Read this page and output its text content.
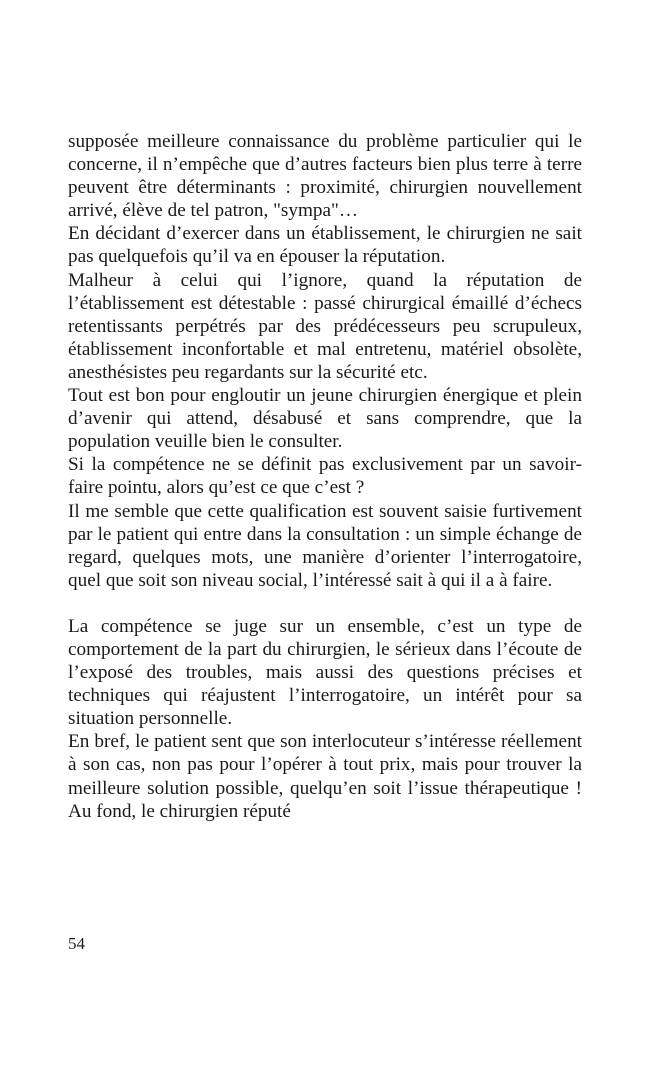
supposée meilleure connaissance du problème particulier qui le concerne, il n’empêche que d’autres facteurs bien plus terre à terre peuvent être déterminants : proximité, chirurgien nouvellement arrivé, élève de tel patron, "sympa"…

En décidant d’exercer dans un établissement, le chirurgien ne sait pas quelquefois qu’il va en épouser la réputation.

Malheur à celui qui l’ignore, quand la réputation de l’établissement est détestable : passé chirurgical émaillé d’échecs retentissants perpétrés par des prédécesseurs peu scrupuleux, établissement inconfortable et mal entretenu, matériel obsolète, anesthésistes peu regardants sur la sécurité etc.

Tout est bon pour engloutir un jeune chirurgien énergique et plein d’avenir qui attend, désabusé et sans comprendre, que la population veuille bien le consulter.

Si la compétence ne se définit pas exclusivement par un savoir-faire pointu, alors qu’est ce que c’est ?

Il me semble que cette qualification est souvent saisie furtivement par le patient qui entre dans la consultation : un simple échange de regard, quelques mots, une manière d’orienter l’interrogatoire, quel que soit son niveau social, l’intéressé sait à qui il a à faire.

La compétence se juge sur un ensemble, c’est un type de comportement de la part du chirurgien, le sérieux dans l’écoute de l’exposé des troubles, mais aussi des questions précises et techniques qui réajustent l’interrogatoire, un intérêt pour sa situation personnelle.

En bref, le patient sent que son interlocuteur s’intéresse réellement à son cas, non pas pour l’opérer à tout prix, mais pour trouver la meilleure solution possible, quelqu’en soit l’issue thérapeutique ! Au fond, le chirurgien réputé

54
